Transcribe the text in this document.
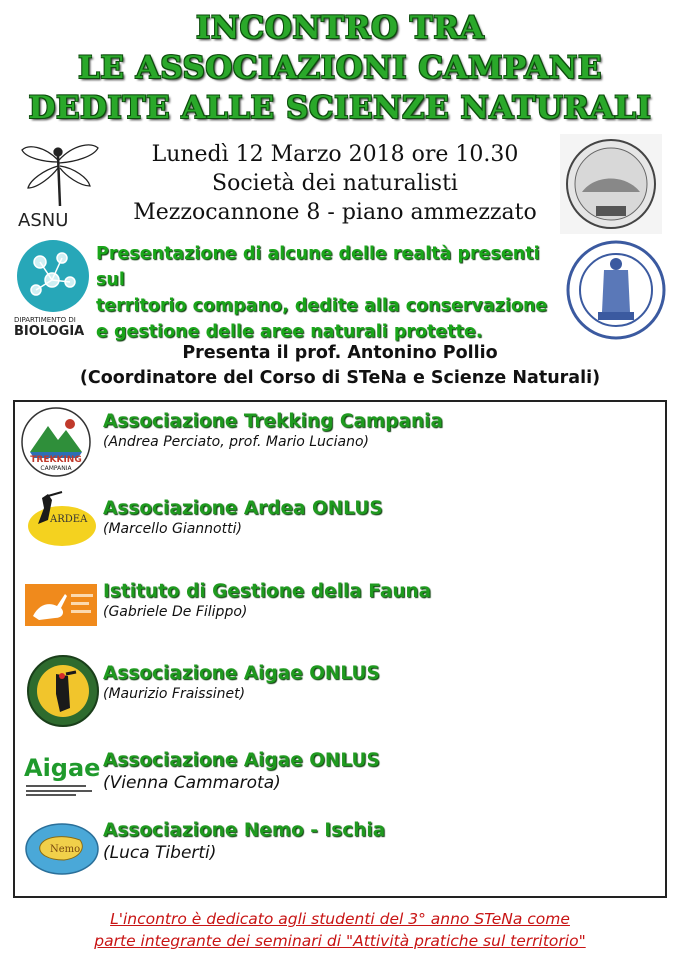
INCONTRO TRA
LE ASSOCIAZIONI CAMPANE
DEDITE ALLE SCIENZE NATURALI
ASNU
Lunedì 12 Marzo 2018 ore 10.30
Società dei naturalisti
Mezzocannone 8 - piano ammezzato
DIPARTIMENTO DI
BIOLOGIA
Presentazione di alcune delle realtà presenti sul
territorio compano, dedite alla conservazione
e gestione delle aree naturali protette.
Presenta il prof. Antonino Pollio
(Coordinatore del Corso di STeNa e Scienze Naturali)
TREKKING
CAMPANIA
Associazione Trekking Campania
(Andrea Perciato, prof. Mario Luciano)
ARDEA
Associazione Ardea ONLUS
(Marcello Giannotti)
Istituto di Gestione della Fauna
(Gabriele De Filippo)
Associazione Aigae ONLUS
(Maurizio Fraissinet)
Aigae Associazione Aigae ONLUS
(Vienna Cammarota)
Nemo
Associazione Nemo - Ischia
(Luca Tiberti)
L'incontro è dedicato agli studenti del 3° anno STeNa come
parte integrante dei seminari di "Attività pratiche sul territorio"
